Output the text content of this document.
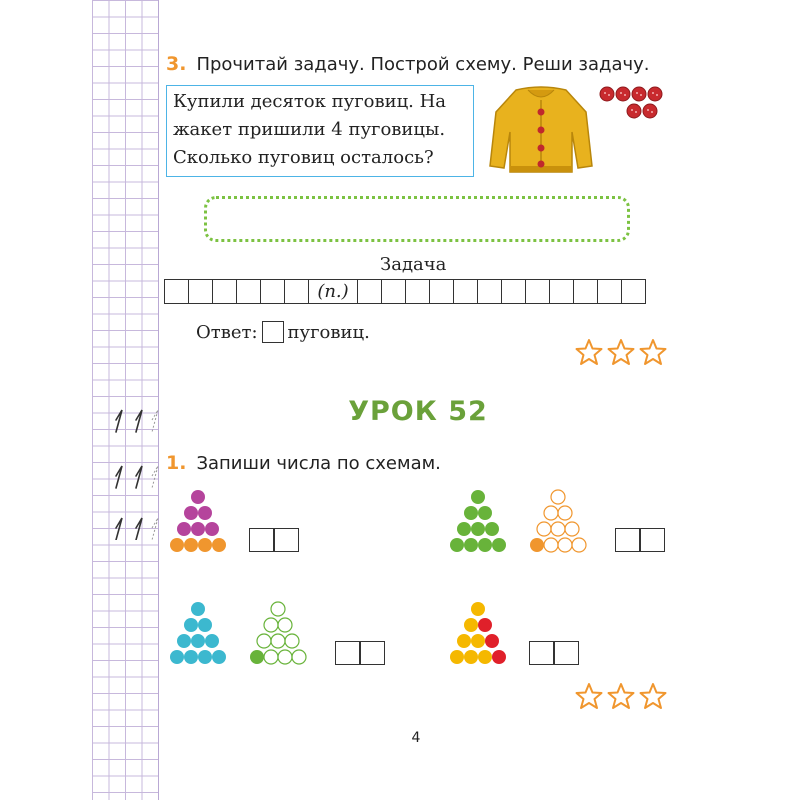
3. Прочитай задачу. Построй схему. Реши задачу.
Купили десяток пуговиц. На
жакет пришили 4 пуговицы.
Сколько пуговиц осталось?
Задача
(п.)
Ответ: пуговиц.
УРОК 52
1. Запиши числа по схемам.
4
